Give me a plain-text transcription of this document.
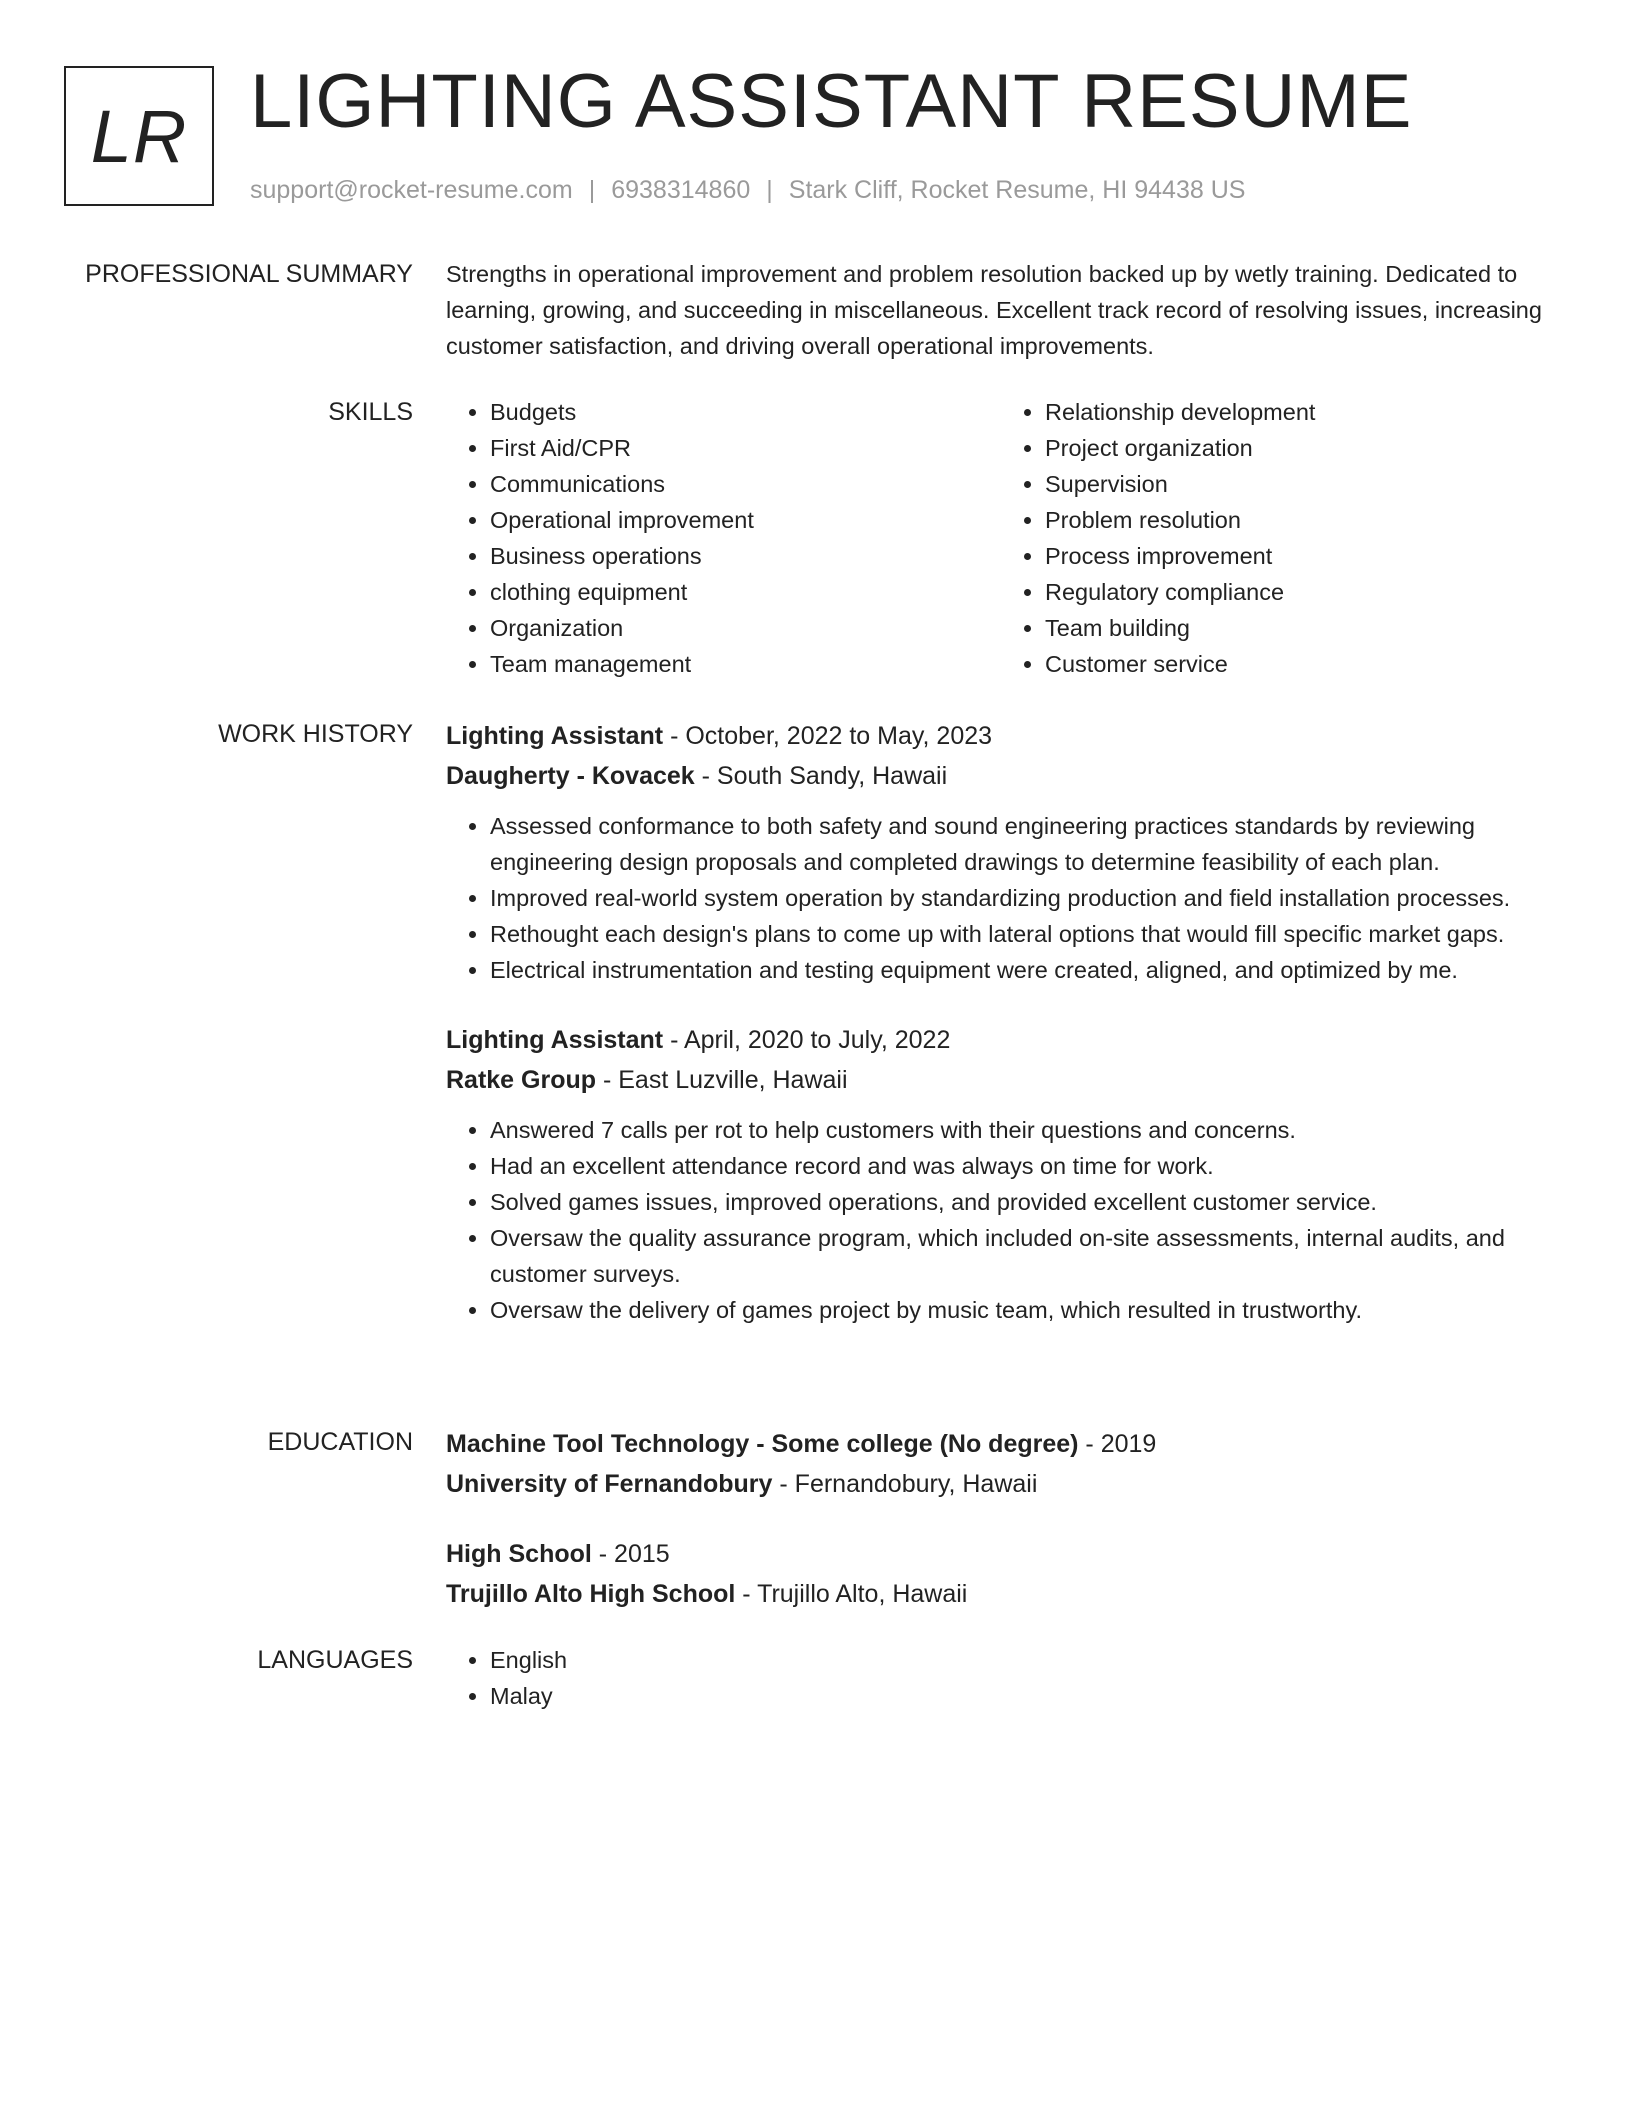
LR LIGHTING ASSISTANT RESUME
support@rocket-resume.com | 6938314860 | Stark Cliff, Rocket Resume, HI 94438 US
PROFESSIONAL SUMMARY Strengths in operational improvement and problem resolution backed up by wetly training. Dedicated to learning, growing, and succeeding in miscellaneous. Excellent track record of resolving issues, increasing customer satisfaction, and driving overall operational improvements.

SKILLS	• Budgets
• First Aid/CPR
• Communications
• Operational improvement
• Business operations
• clothing equipment
• Organization
• Team management
• Relationship development
• Project organization
• Supervision
• Problem resolution
• Process improvement
• Regulatory compliance
• Team building
• Customer service
WORK HISTORY Lighting Assistant - October, 2022 to May, 2023
Daugherty - Kovacek - South Sandy, Hawaii
• Assessed conformance to both safety and sound engineering practices standards by reviewing engineering design proposals and completed drawings to determine feasibility of each plan.
• Improved real-world system operation by standardizing production and field installation processes.
• Rethought each design's plans to come up with lateral options that would fill specific market gaps.
• Electrical instrumentation and testing equipment were created, aligned, and optimized by me.
Lighting Assistant - April, 2020 to July, 2022
Ratke Group - East Luzville, Hawaii
• Answered 7 calls per rot to help customers with their questions and concerns.
• Had an excellent attendance record and was always on time for work.
• Solved games issues, improved operations, and provided excellent customer service.
• Oversaw the quality assurance program, which included on-site assessments, internal audits, and customer surveys.
• Oversaw the delivery of games project by music team, which resulted in trustworthy.
EDUCATION Machine Tool Technology - Some college (No degree) - 2019
University of Fernandobury - Fernandobury, Hawaii
High School - 2015
Trujillo Alto High School - Trujillo Alto, Hawaii
LANGUAGES	• English
• Malay
